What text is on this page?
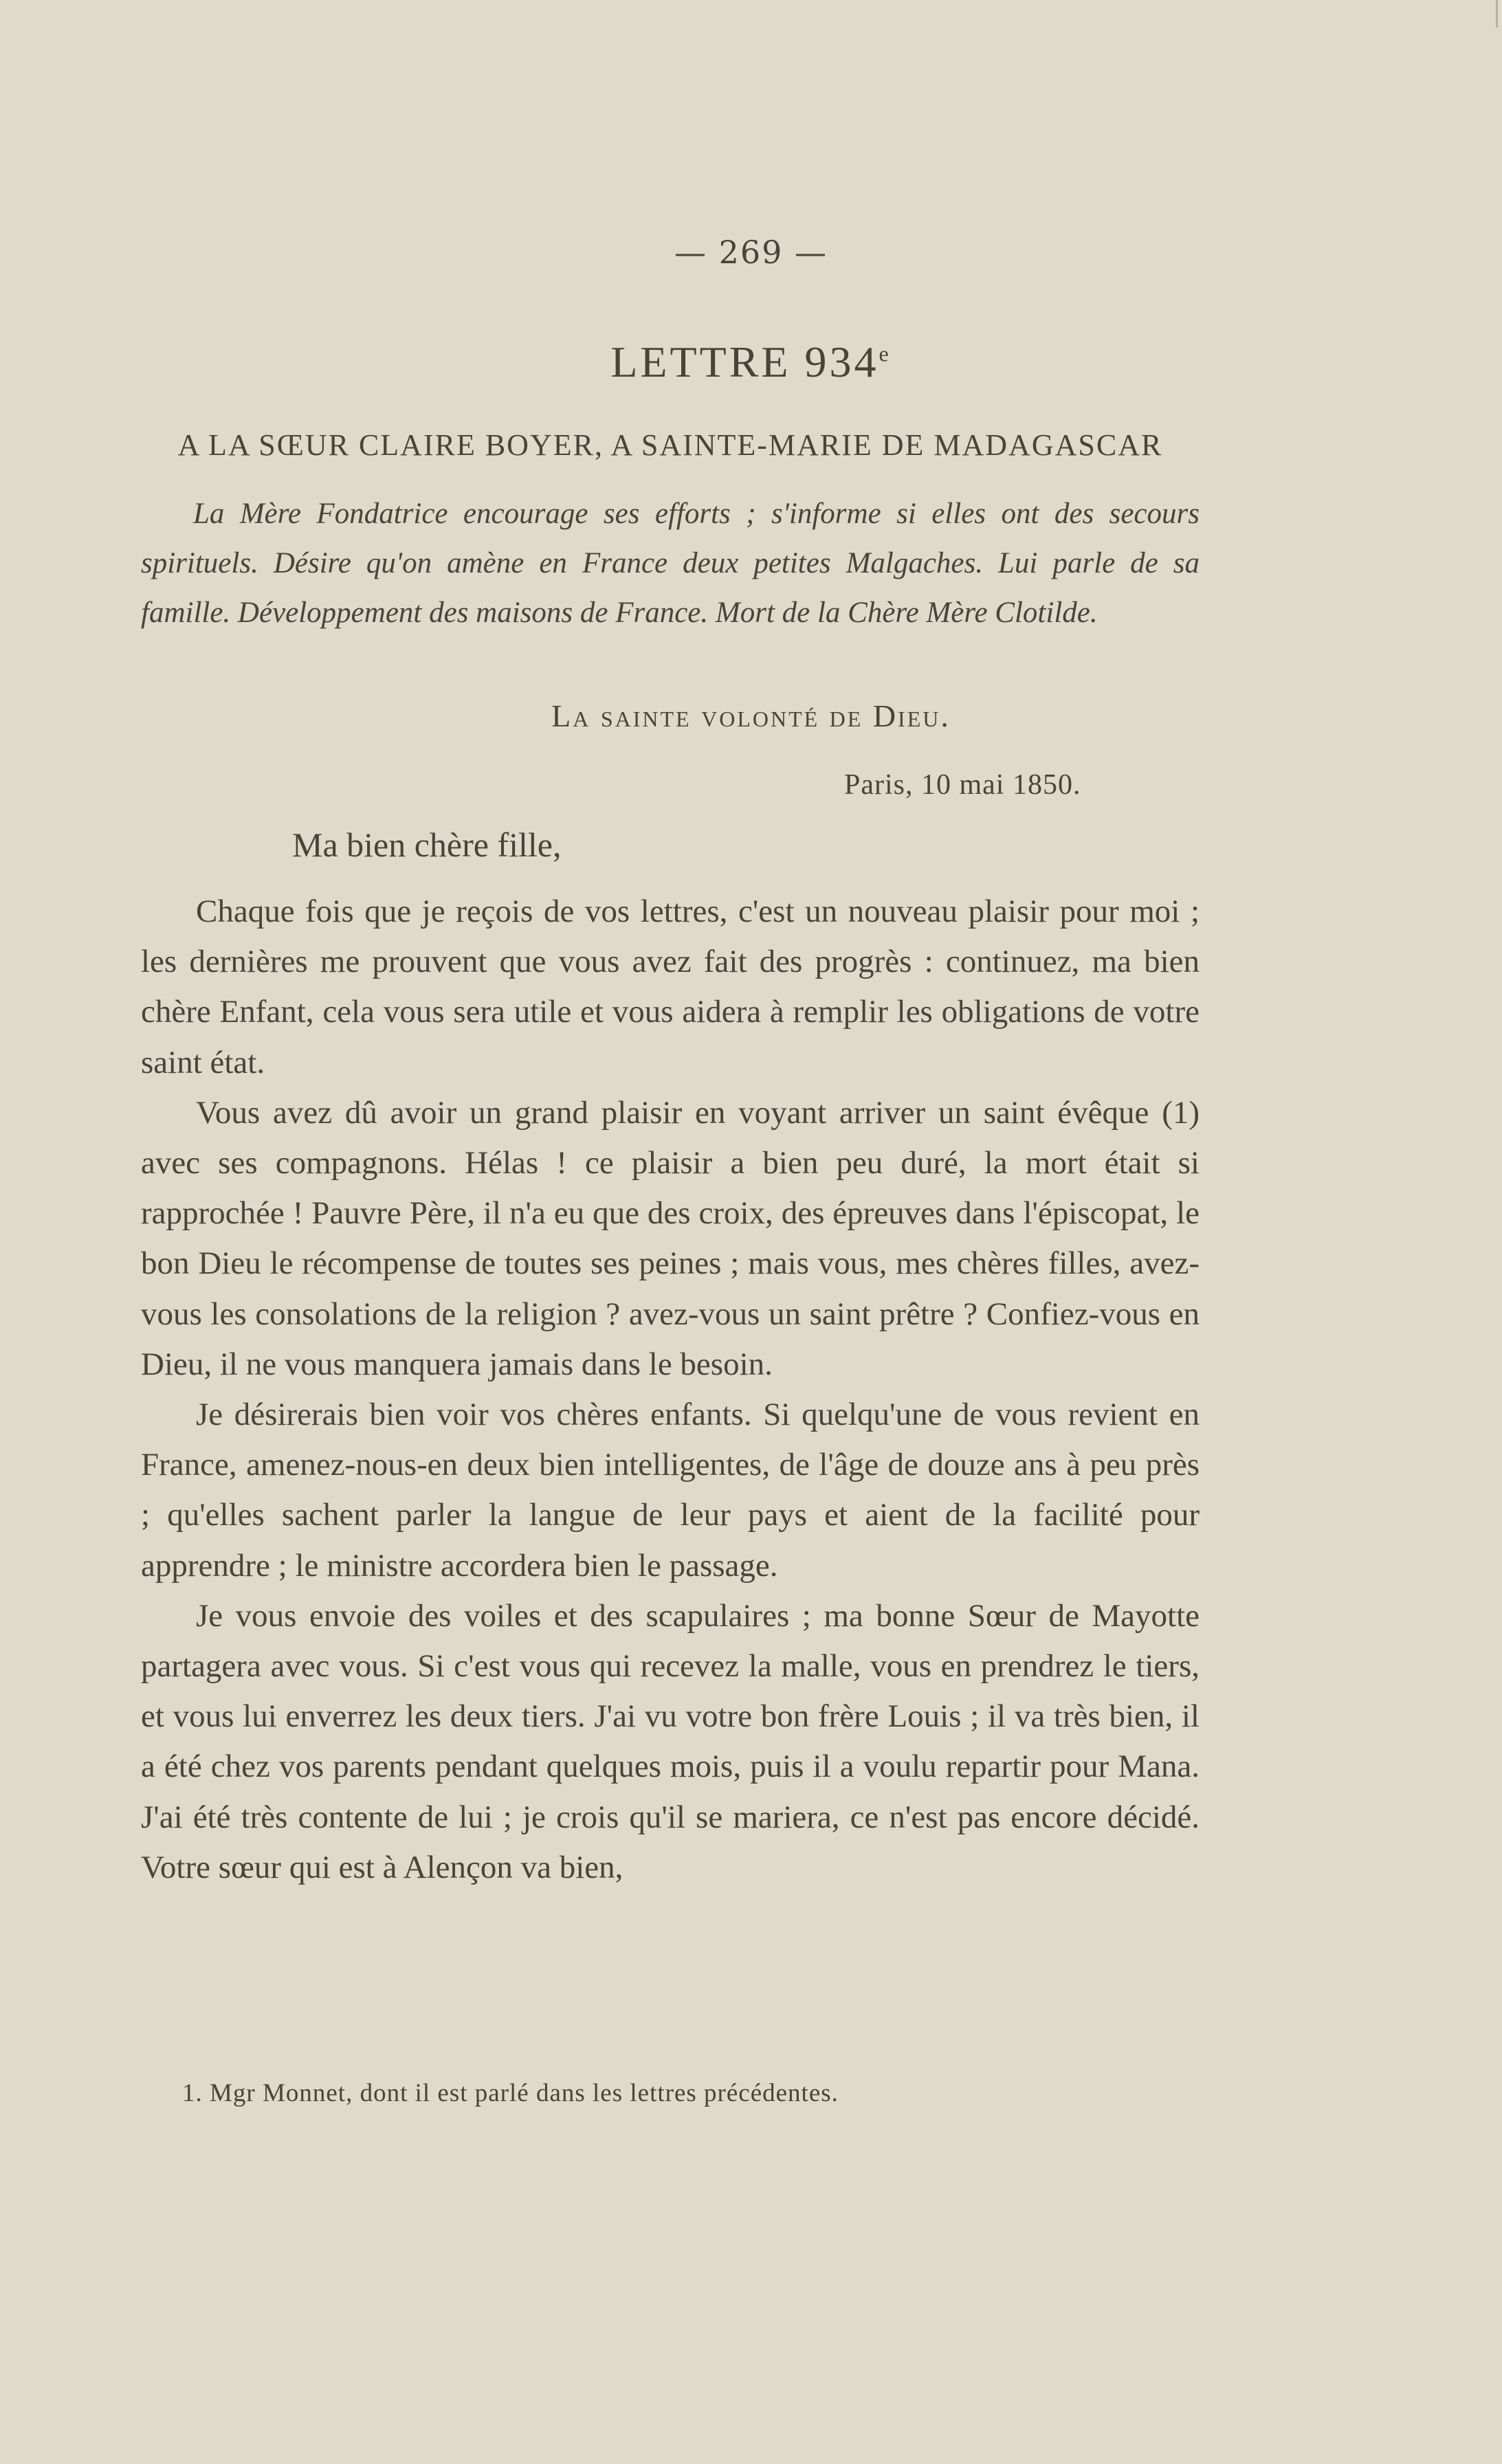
— 269 —
LETTRE 934e
A LA SŒUR CLAIRE BOYER, A SAINTE-MARIE DE MADAGASCAR
La Mère Fondatrice encourage ses efforts ; s'informe si elles ont des secours spirituels. Désire qu'on amène en France deux petites Malgaches. Lui parle de sa famille. Développement des maisons de France. Mort de la Chère Mère Clotilde.
La sainte volonté de Dieu.
Paris, 10 mai 1850.
Ma bien chère fille,

Chaque fois que je reçois de vos lettres, c'est un nouveau plaisir pour moi ; les dernières me prouvent que vous avez fait des progrès : continuez, ma bien chère Enfant, cela vous sera utile et vous aidera à remplir les obligations de votre saint état.

Vous avez dû avoir un grand plaisir en voyant arriver un saint évêque (1) avec ses compagnons. Hélas ! ce plaisir a bien peu duré, la mort était si rapprochée ! Pauvre Père, il n'a eu que des croix, des épreuves dans l'épiscopat, le bon Dieu le récompense de toutes ses peines ; mais vous, mes chères filles, avez-vous les consolations de la religion ? avez-vous un saint prêtre ? Confiez-vous en Dieu, il ne vous manquera jamais dans le besoin.

Je désirerais bien voir vos chères enfants. Si quelqu'une de vous revient en France, amenez-nous-en deux bien intelligentes, de l'âge de douze ans à peu près ; qu'elles sachent parler la langue de leur pays et aient de la facilité pour apprendre ; le ministre accordera bien le passage.

Je vous envoie des voiles et des scapulaires ; ma bonne Sœur de Mayotte partagera avec vous. Si c'est vous qui recevez la malle, vous en prendrez le tiers, et vous lui enverrez les deux tiers. J'ai vu votre bon frère Louis ; il va très bien, il a été chez vos parents pendant quelques mois, puis il a voulu repartir pour Mana. J'ai été très contente de lui ; je crois qu'il se mariera, ce n'est pas encore décidé. Votre sœur qui est à Alençon va bien,

1. Mgr Monnet, dont il est parlé dans les lettres précédentes.
